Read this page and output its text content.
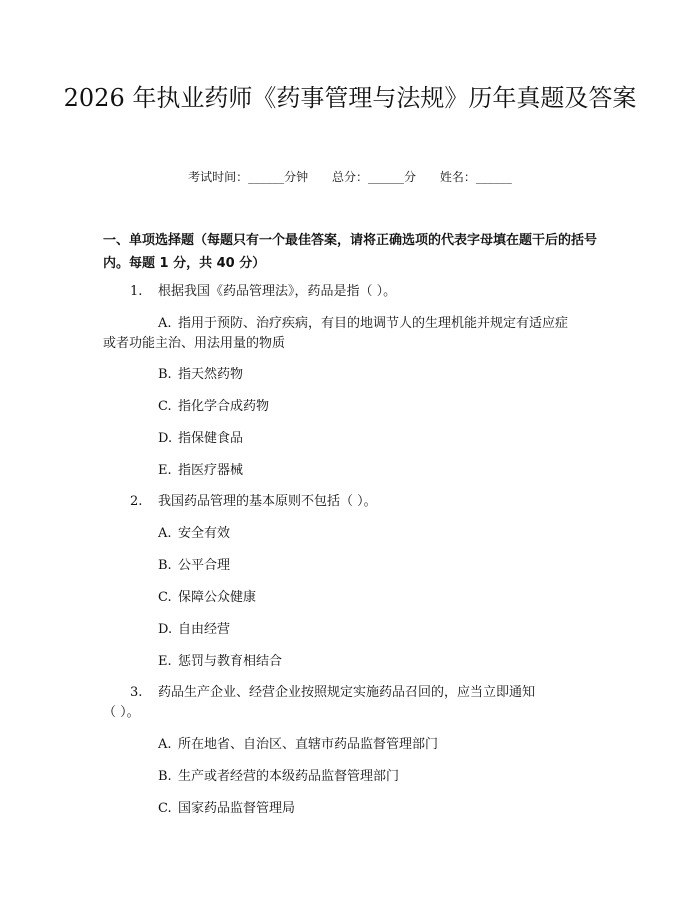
2026 年执业药师《药事管理与法规》历年真题及答案
考试时间：______分钟 总分：______分 姓名：______

一、单项选择题（每题只有一个最佳答案，请将正确选项的代表字母填在题干后的括号内。每题 1 分，共 40 分）

1. 根据我国《药品管理法》，药品是指（ ）。
A. 指用于预防、治疗疾病，有目的地调节人的生理机能并规定有适应症
或者功能主治、用法用量的物质
B. 指天然药物
C. 指化学合成药物
D. 指保健食品
E. 指医疗器械
2. 我国药品管理的基本原则不包括（ ）。
A. 安全有效
B. 公平合理
C. 保障公众健康
D. 自由经营
E. 惩罚与教育相结合
3. 药品生产企业、经营企业按照规定实施药品召回的，应当立即通知
（ ）。
A. 所在地省、自治区、直辖市药品监督管理部门
B. 生产或者经营的本级药品监督管理部门
C. 国家药品监督管理局
